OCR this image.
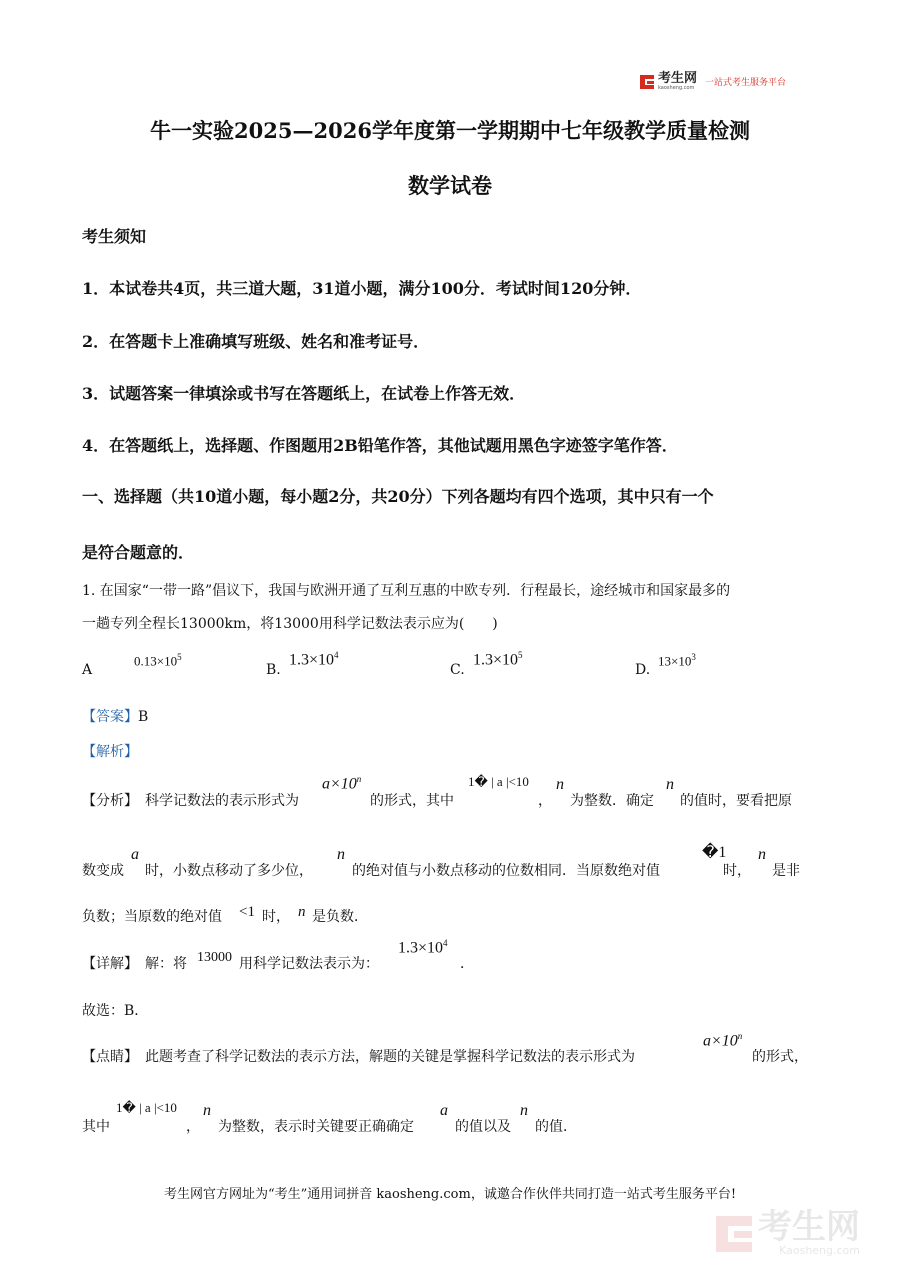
考生网
kaosheng.com 一站式考生服务平台
牛一实验2025—2026学年度第一学期期中七年级教学质量检测
数学试卷
考生须知
1．本试卷共4页，共三道大题，31道小题，满分100分．考试时间120分钟．
2．在答题卡上准确填写班级、姓名和准考证号．
3．试题答案一律填涂或书写在答题纸上，在试卷上作答无效．
4．在答题纸上，选择题、作图题用2B铅笔作答，其他试题用黑色字迹签字笔作答．
一、选择题（共10道小题，每小题2分，共20分）下列各题均有四个选项，其中只有一个
是符合题意的．
1. 在国家“一带一路”倡议下，我国与欧洲开通了互利互惠的中欧专列．行程最长，途经城市和国家最多的
一趟专列全程长13000km，将13000用科学记数法表示应为(　　)
A
$0.13\times 10^5$
B.
$1.3\times 10^4$
C.
$1.3\times 10^5$
D.
$13\times 10^3$
【答案】B
【解析】
【分析】 科学记数法的表示形式为
$a\times 10^n$
的形式，其中
1� | a |<10
，
n
为整数．确定
n
的值时，要看把原
数变成
a
时，小数点移动了多少位，
n
的绝对值与小数点移动的位数相同．当原数绝对值
�1
时，
n
是非
负数；当原数的绝对值 <1 时， n 是负数．
【详解】 解：将 13000 用科学记数法表示为：
$1.3\times 10^4$
．
故选：B．
【点睛】 此题考查了科学记数法的表示方法，解题的关键是掌握科学记数法的表示形式为
$a\times 10^n$
的形式，
其中
1� | a |<10
，
n
为整数，表示时关键要正确确定
a
的值以及
n
的值．
考生网官方网址为“考生”通用词拼音 kaosheng.com，诚邀合作伙伴共同打造一站式考生服务平台!
考生网
Kaosheng.com
